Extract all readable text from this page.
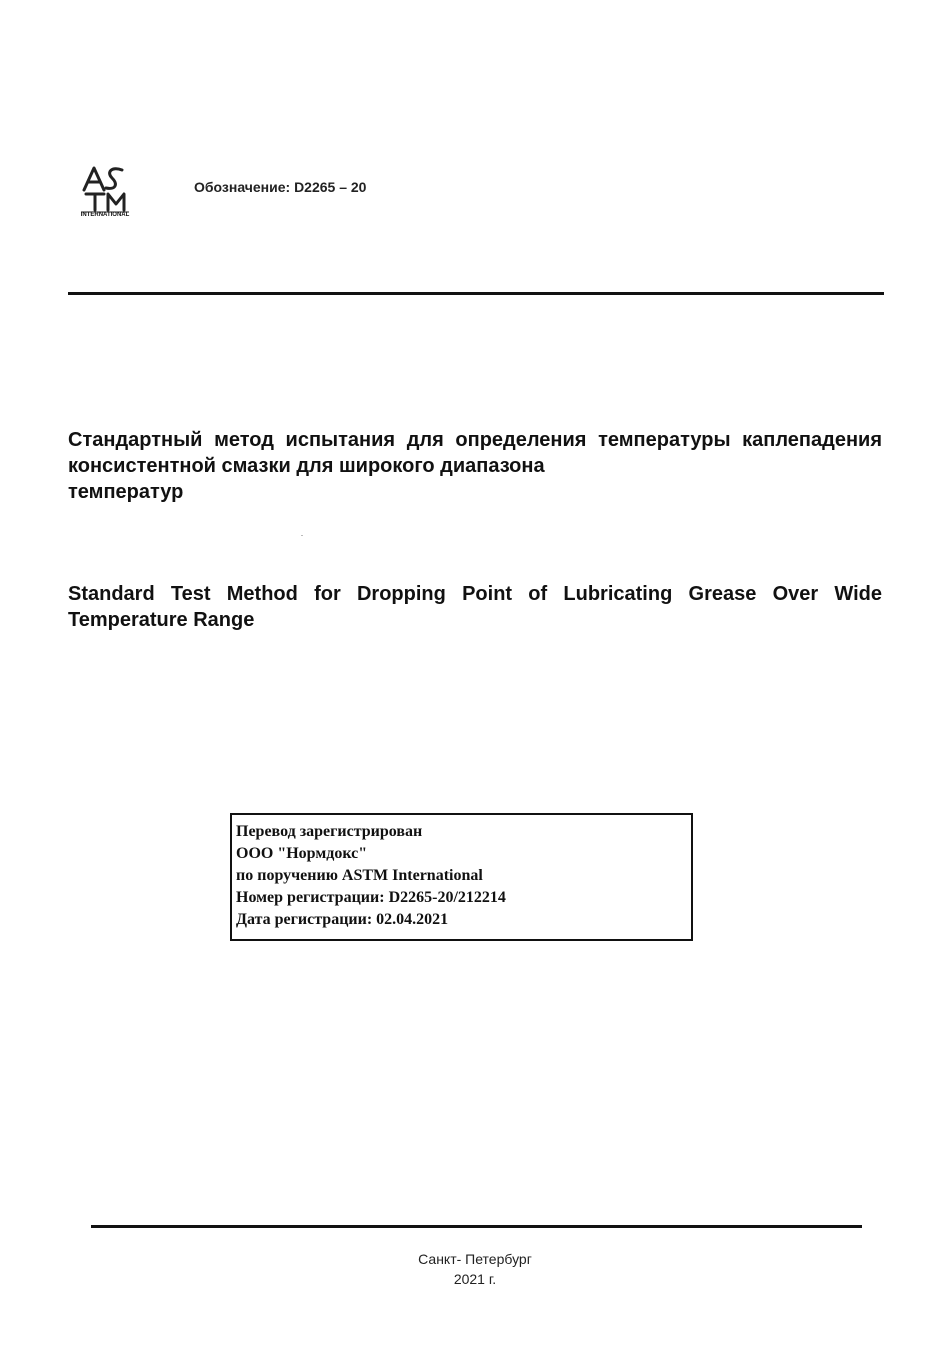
INTERNATIONAL
Обозначение: D2265 – 20
Стандартный метод испытания для определения температуры каплепадения консистентной смазки для широкого диапазона
температур
Standard Test Method for Dropping Point of Lubricating Grease Over Wide Temperature Range
Перевод зарегистрирован
ООО "Нормдокс"
по поручению ASTM International
Номер регистрации: D2265-20/212214
Дата регистрации: 02.04.2021
Санкт- Петербург
2021 г.
